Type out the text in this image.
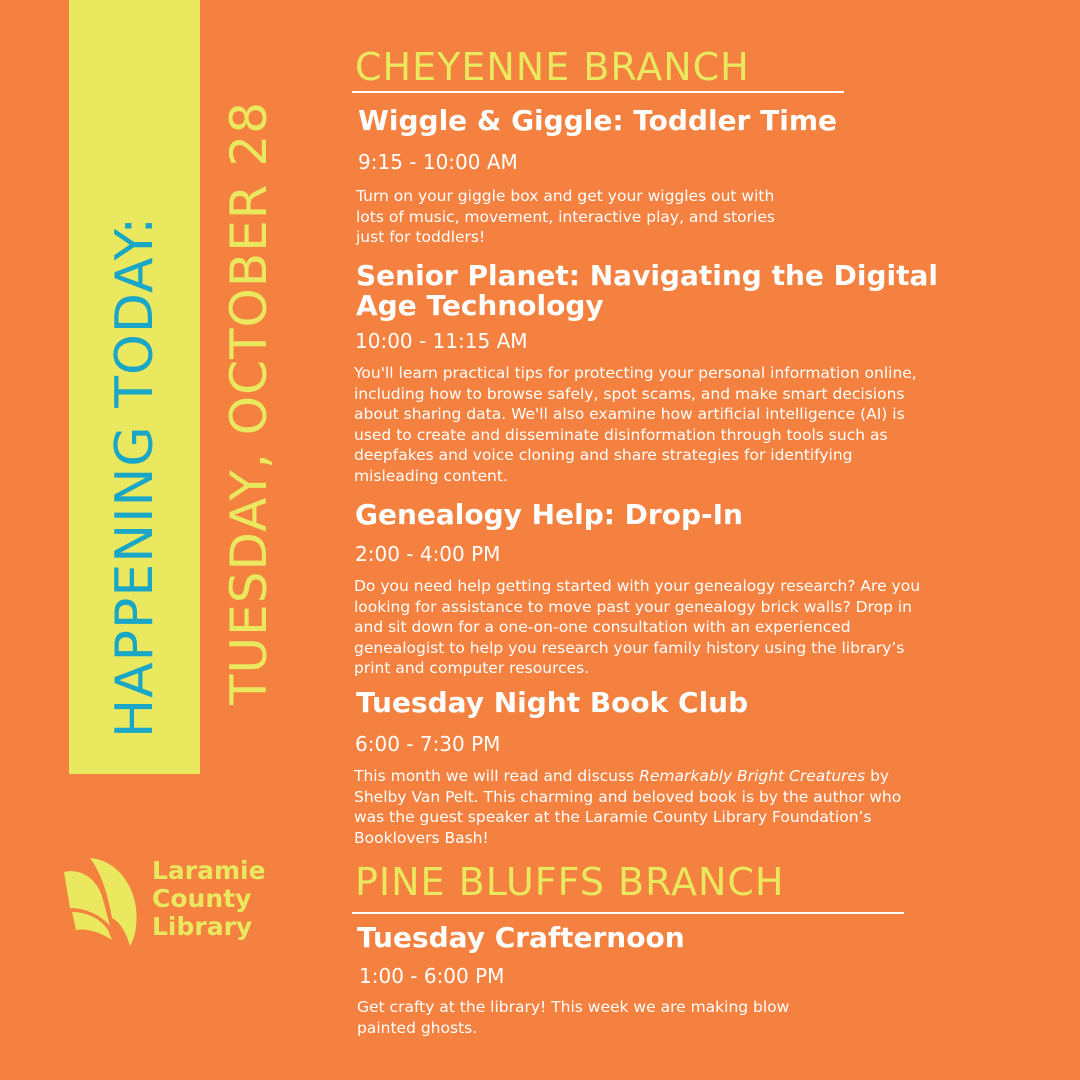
HAPPENING TODAY: TUESDAY, OCTOBER 28
Laramie
County
Library
CHEYENNE BRANCH
Wiggle & Giggle: Toddler Time
9:15 - 10:00 AM
Turn on your giggle box and get your wiggles out with
lots of music, movement, interactive play, and stories
just for toddlers!
Senior Planet: Navigating the Digital
Age Technology
10:00 - 11:15 AM
You'll learn practical tips for protecting your personal information online,
including how to browse safely, spot scams, and make smart decisions
about sharing data. We'll also examine how artificial intelligence (AI) is
used to create and disseminate disinformation through tools such as
deepfakes and voice cloning and share strategies for identifying
misleading content.
Genealogy Help: Drop-In
2:00 - 4:00 PM
Do you need help getting started with your genealogy research? Are you
looking for assistance to move past your genealogy brick walls? Drop in
and sit down for a one-on-one consultation with an experienced
genealogist to help you research your family history using the library’s
print and computer resources.
Tuesday Night Book Club
6:00 - 7:30 PM
This month we will read and discuss Remarkably Bright Creatures by
Shelby Van Pelt. This charming and beloved book is by the author who
was the guest speaker at the Laramie County Library Foundation’s
Booklovers Bash!
PINE BLUFFS BRANCH
Tuesday Crafternoon
1:00 - 6:00 PM
Get crafty at the library! This week we are making blow
painted ghosts.
